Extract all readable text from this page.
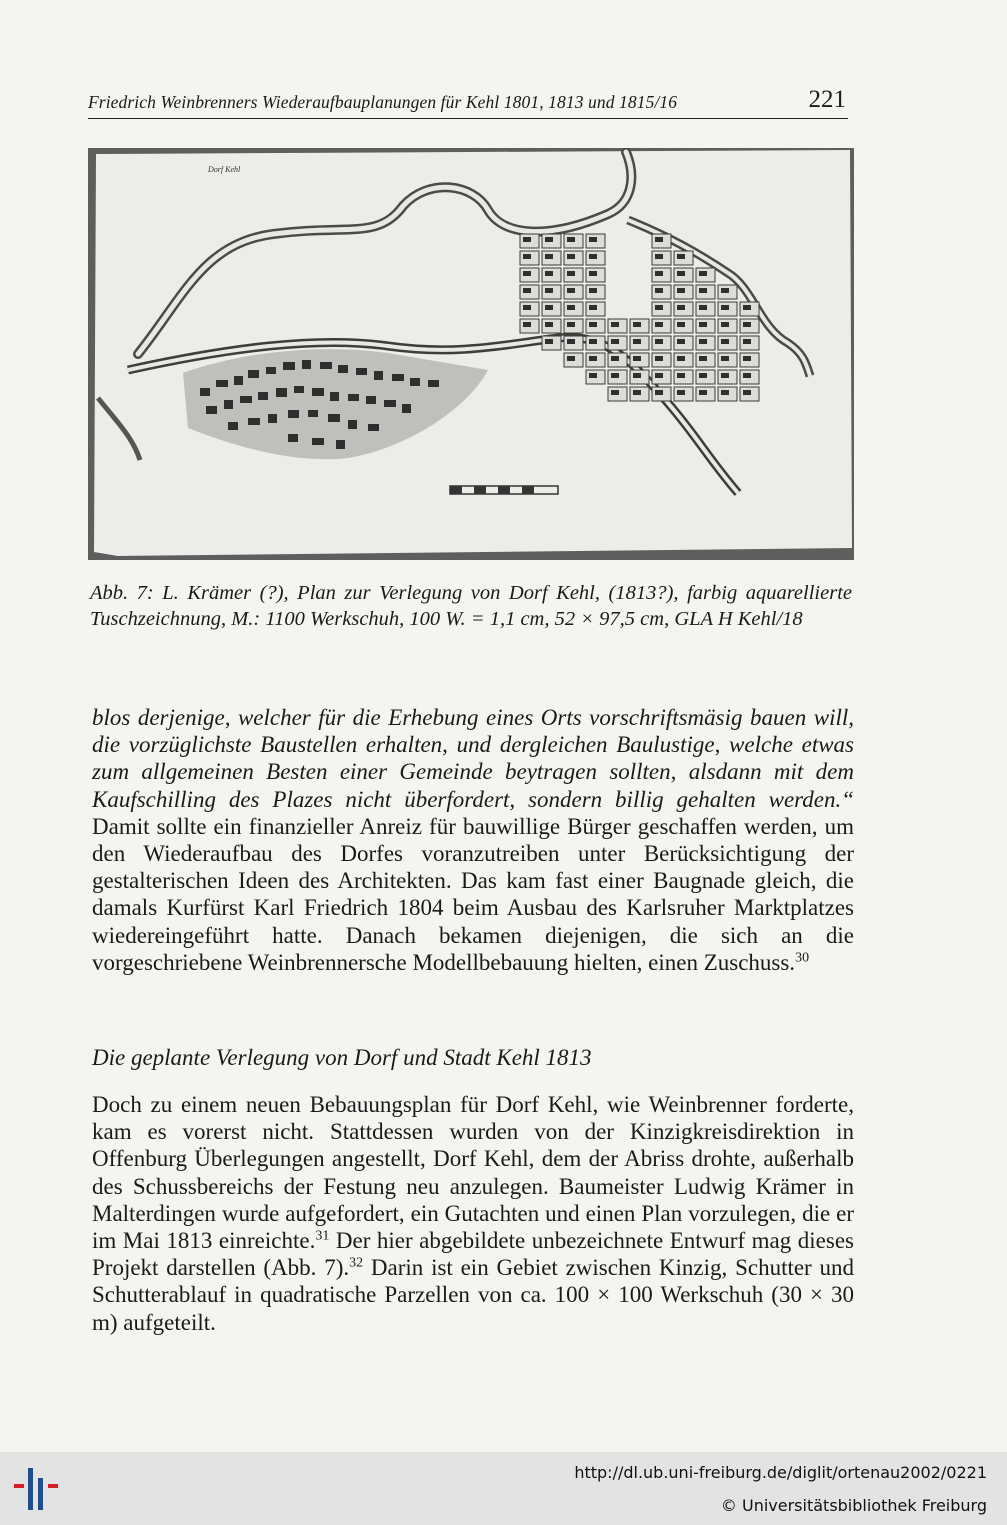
Friedrich Weinbrenners Wiederaufbauplanungen für Kehl 1801, 1813 und 1815/16	221
Dorf Kehl
Abb. 7: L. Krämer (?), Plan zur Verlegung von Dorf Kehl, (1813?), farbig aquarellierte Tuschzeichnung, M.: 1100 Werkschuh, 100 W. = 1,1 cm, 52 × 97,5 cm, GLA H Kehl/18
blos derjenige, welcher für die Erhebung eines Orts vorschriftsmäsig bauen will, die vorzüglichste Baustellen erhalten, und dergleichen Baulustige, welche etwas zum allgemeinen Besten einer Gemeinde beytragen sollten, alsdann mit dem Kaufschilling des Plazes nicht überfordert, sondern billig gehalten werden.“ Damit sollte ein finanzieller Anreiz für bauwillige Bürger geschaffen werden, um den Wiederaufbau des Dorfes voranzutreiben unter Berücksichtigung der gestalterischen Ideen des Architekten. Das kam fast einer Baugnade gleich, die damals Kurfürst Karl Friedrich 1804 beim Ausbau des Karlsruher Marktplatzes wiedereingeführt hatte. Danach bekamen diejenigen, die sich an die vorgeschriebene Weinbrennersche Modellbebauung hielten, einen Zuschuss.$^{30}$
Die geplante Verlegung von Dorf und Stadt Kehl 1813
Doch zu einem neuen Bebauungsplan für Dorf Kehl, wie Weinbrenner forderte, kam es vorerst nicht. Stattdessen wurden von der Kinzigkreisdirektion in Offenburg Überlegungen angestellt, Dorf Kehl, dem der Abriss drohte, außerhalb des Schussbereichs der Festung neu anzulegen. Baumeister Ludwig Krämer in Malterdingen wurde aufgefordert, ein Gutachten und einen Plan vorzulegen, die er im Mai 1813 einreichte.$^{31}$ Der hier abgebildete unbezeichnete Entwurf mag dieses Projekt darstellen (Abb. 7).$^{32}$ Darin ist ein Gebiet zwischen Kinzig, Schutter und Schutterablauf in quadratische Parzellen von ca. 100 × 100 Werkschuh (30 × 30 m) aufgeteilt.
http://dl.ub.uni-freiburg.de/diglit/ortenau2002/0221
© Universitätsbibliothek Freiburg
